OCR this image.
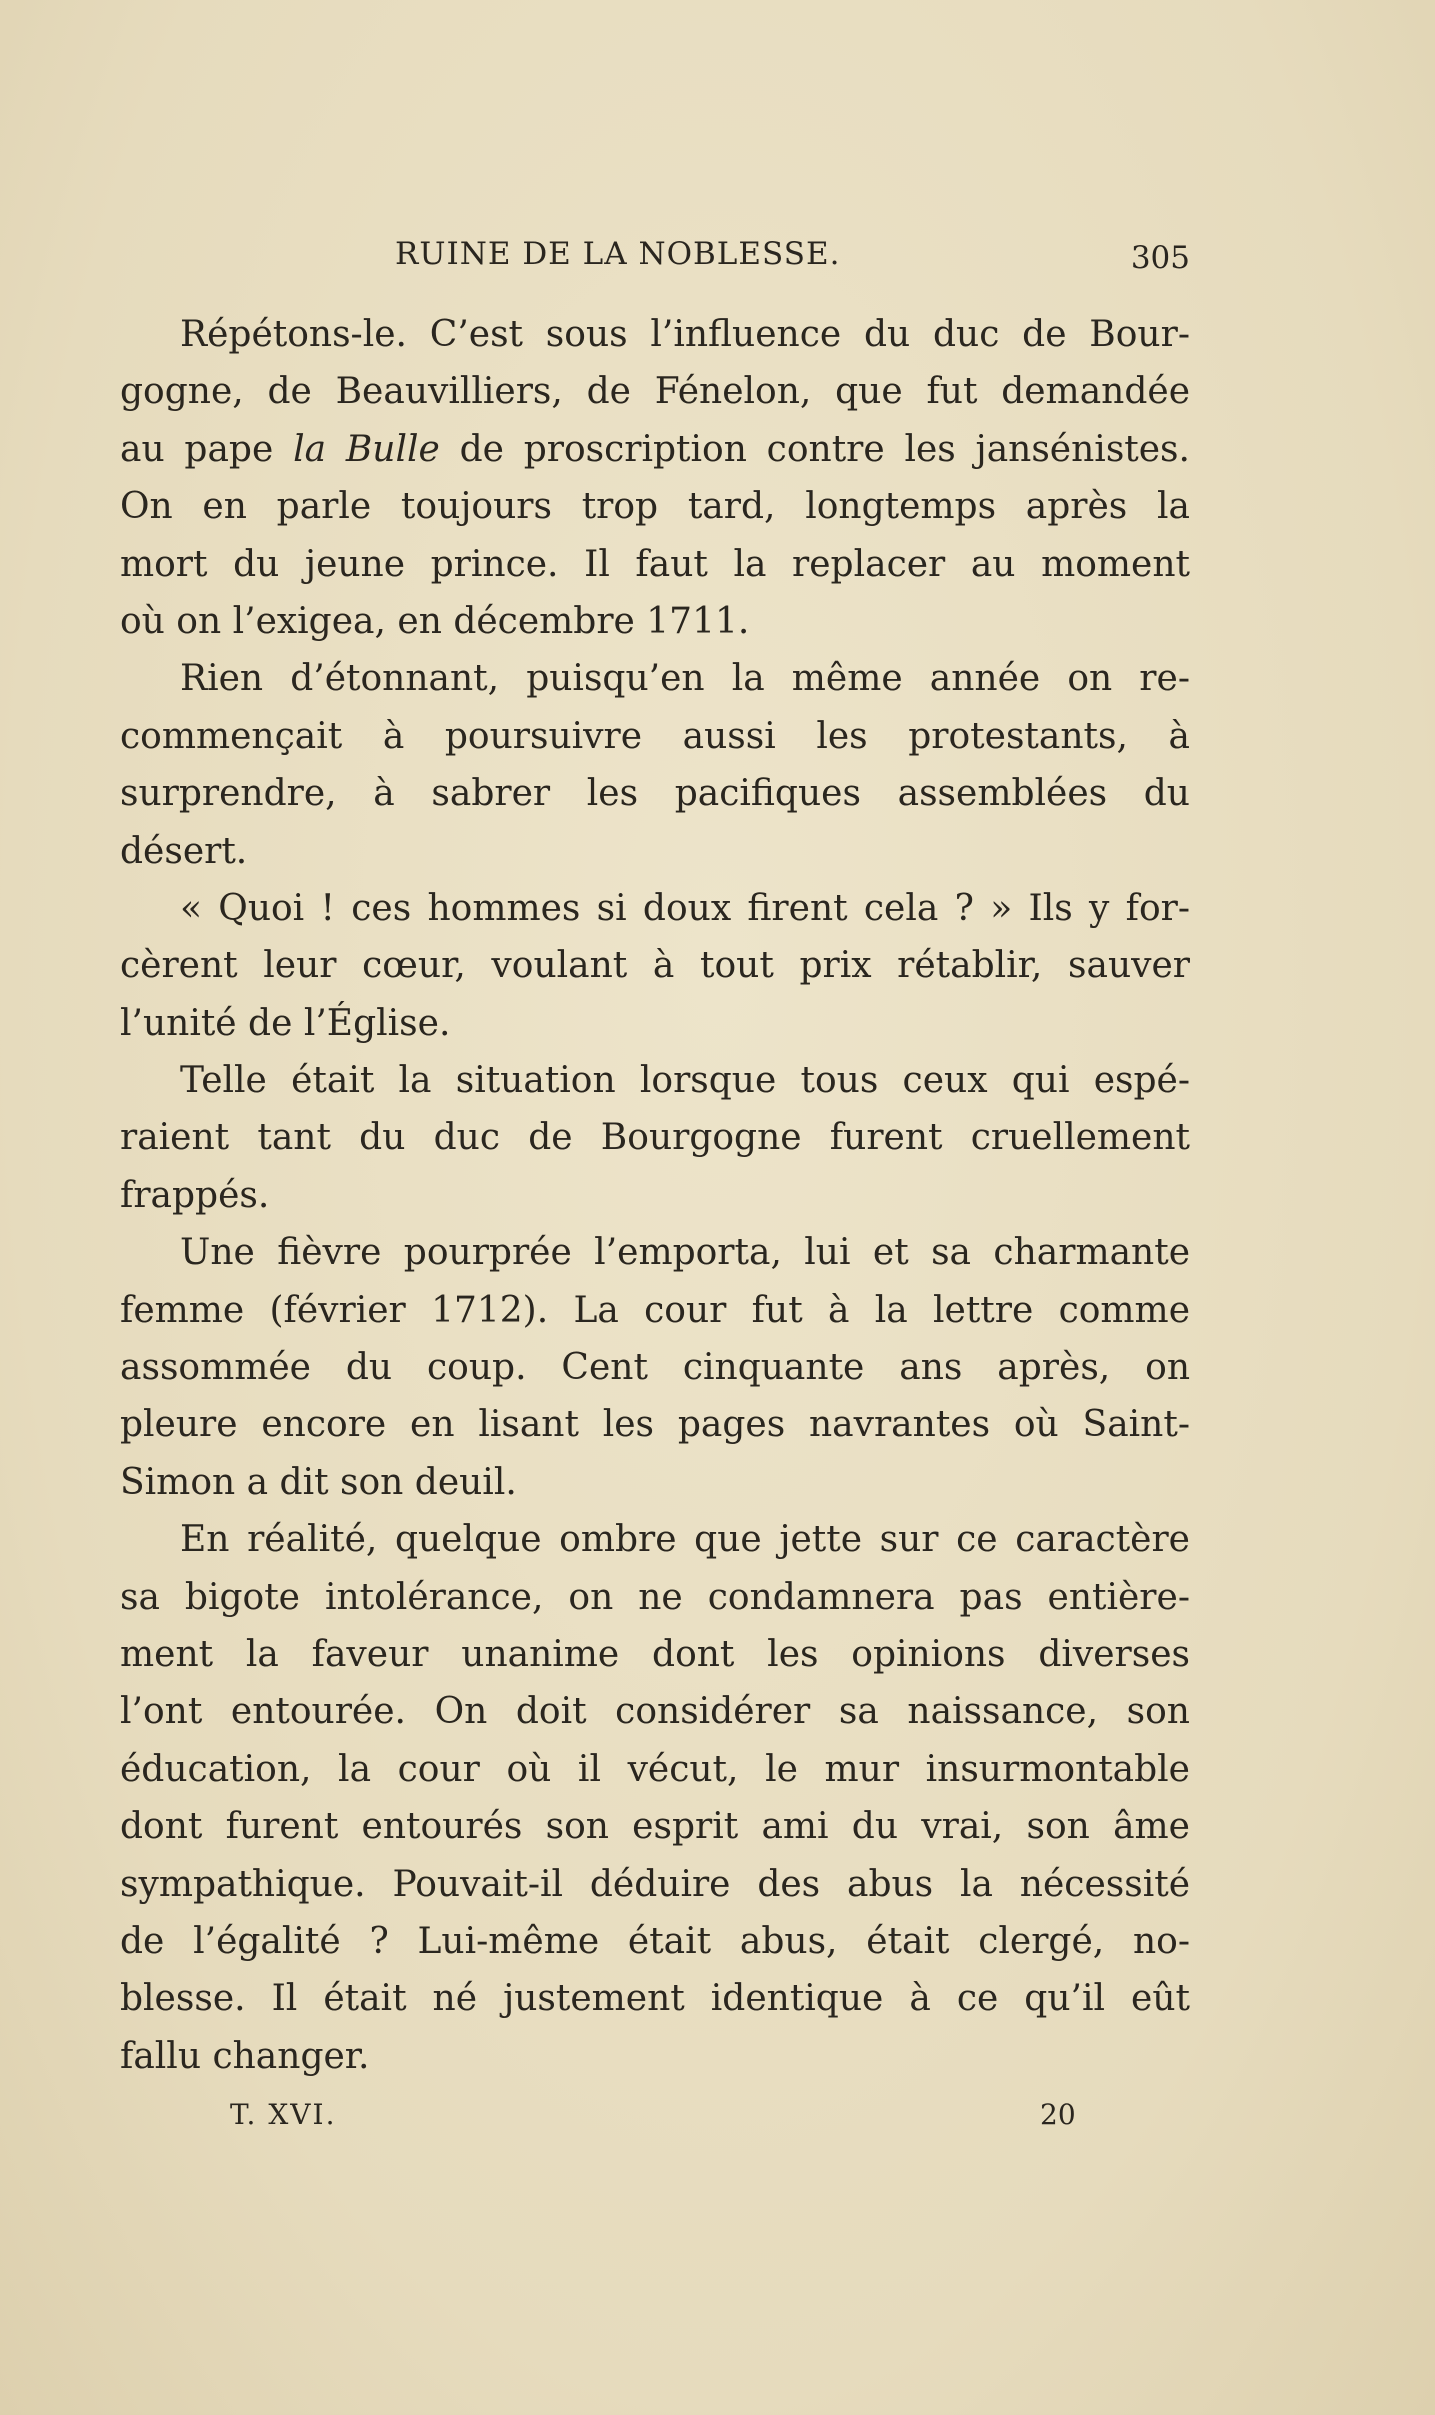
RUINE DE LA NOBLESSE.	305
Répétons-le. C’est sous l’influence du duc de Bour-
gogne, de Beauvilliers, de Fénelon, que fut demandée
au pape la Bulle de proscription contre les jansénistes.
On en parle toujours trop tard, longtemps après la
mort du jeune prince. Il faut la replacer au moment
où on l’exigea, en décembre 1711.
Rien d’étonnant, puisqu’en la même année on re-
commençait à poursuivre aussi les protestants, à
surprendre, à sabrer les pacifiques assemblées du
désert.
« Quoi ! ces hommes si doux firent cela ? » Ils y for-
cèrent leur cœur, voulant à tout prix rétablir, sauver
l’unité de l’Église.
Telle était la situation lorsque tous ceux qui espé-
raient tant du duc de Bourgogne furent cruellement
frappés.
Une fièvre pourprée l’emporta, lui et sa charmante
femme (février 1712). La cour fut à la lettre comme
assommée du coup. Cent cinquante ans après, on
pleure encore en lisant les pages navrantes où Saint-
Simon a dit son deuil.
En réalité, quelque ombre que jette sur ce caractère
sa bigote intolérance, on ne condamnera pas entière-
ment la faveur unanime dont les opinions diverses
l’ont entourée. On doit considérer sa naissance, son
éducation, la cour où il vécut, le mur insurmontable
dont furent entourés son esprit ami du vrai, son âme
sympathique. Pouvait-il déduire des abus la nécessité
de l’égalité ? Lui-même était abus, était clergé, no-
blesse. Il était né justement identique à ce qu’il eût
fallu changer.
T. XVI.	20
